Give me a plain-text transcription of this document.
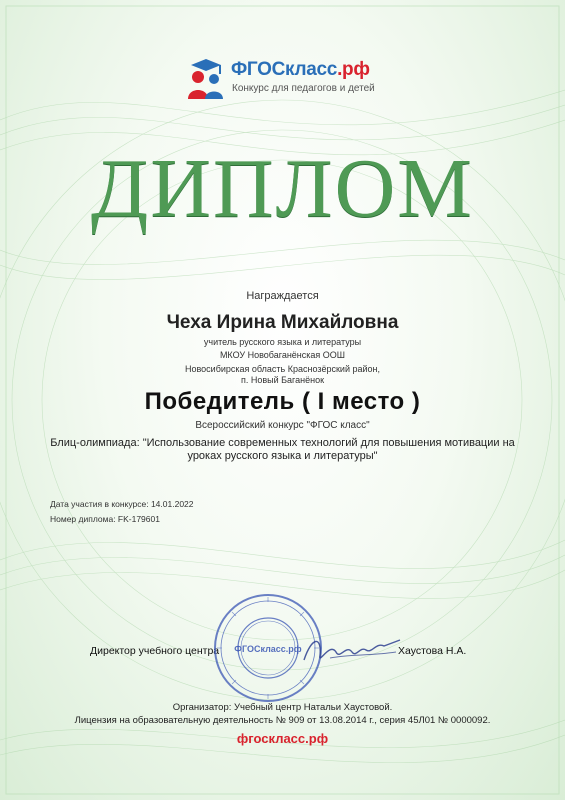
ФГОСкласс.рф
Конкурс для педагогов и детей
ДИПЛОМ
Награждается
Чеха Ирина Михайловна
учитель русского языка и литературы
МКОУ Новобаганёнская ООШ
Новосибирская область Краснозёрский район,
п. Новый Баганёнок
Победитель ( I место )
Всероссийский конкурс "ФГОС класс"
Блиц-олимпиада: "Использование современных технологий для повышения мотивации на уроках русского языка и литературы"
Дата участия в конкурсе: 14.01.2022
Номер диплома: FK-179601
Директор учебного центра ФГОСкласс.рф	Хаустова Н.А.
Организатор: Учебный центр Натальи Хаустовой.
Лицензия на образовательную деятельность № 909 от 13.08.2014 г., серия 45Л01 № 0000092.
фгоскласс.рф
